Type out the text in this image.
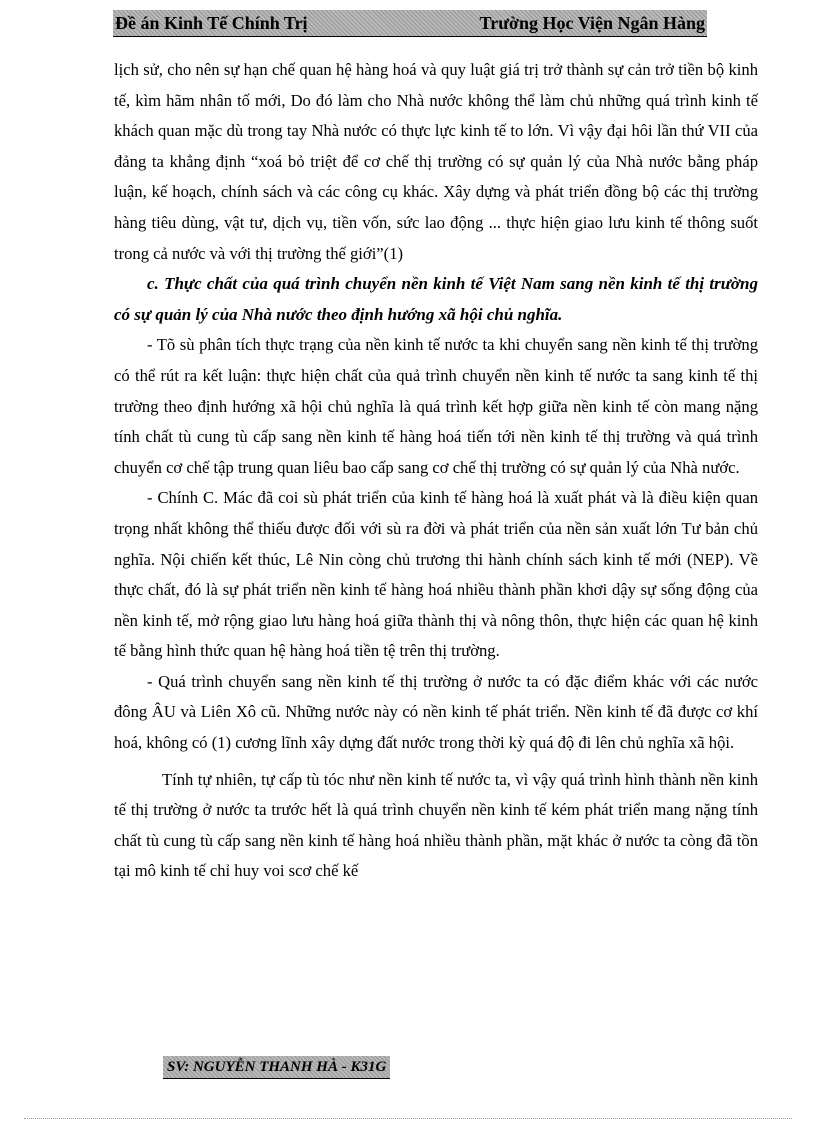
Đề án Kinh Tế Chính Trị	Trường Học Viện Ngân Hàng

lịch sử, cho nên sự hạn chế quan hệ hàng hoá và quy luật giá trị trở thành sự cản trở tiền bộ kinh tế, kìm hãm nhân tố mới, Do đó làm cho Nhà nước không thể làm chủ những quá trình kinh tế khách quan mặc dù trong tay Nhà nước có thực lực kinh tế to lớn. Vì vậy đại hôi lần thứ VII của đảng ta khẳng định “xoá bỏ triệt để cơ chế thị trường có sự quản lý của Nhà nước bằng pháp luận, kế hoạch, chính sách và các công cụ khác. Xây dựng và phát triển đồng bộ các thị trường hàng tiêu dùng, vật tư, dịch vụ, tiền vốn, sức lao động ... thực hiện giao lưu kinh tế thông suốt trong cả nước và với thị trường thế giới”(1)

c. Thực chất của quá trình chuyển nền kinh tế Việt Nam sang nền kinh tế thị trường có sự quản lý của Nhà nước theo định hướng xã hội chủ nghĩa.

- Tõ sù phân tích thực trạng của nền kinh tế nước ta khi chuyển sang nền kinh tế thị trường có thể rút ra kết luận: thực hiện chất của quả trình chuyển nền kinh tế nước ta sang kinh tế thị trường theo định hướng xã hội chủ nghĩa là quá trình kết hợp giữa nền kinh tế còn mang nặng tính chất tù cung tù cấp sang nền kinh tế hàng hoá tiến tới nền kinh tế thị trường và quá trình chuyển cơ chế tập trung quan liêu bao cấp sang cơ chế thị trường có sự quản lý của Nhà nước.

- Chính C. Mác đã coi sù phát triển của kinh tế hàng hoá là xuất phát và là điều kiện quan trọng nhất không thể thiếu được đối với sù ra đời và phát triển của nền sản xuất lớn Tư bản chủ nghĩa. Nội chiến kết thúc, Lê Nin còng chủ trương thi hành chính sách kinh tế mới (NEP). Về thực chất, đó là sự phát triển nền kinh tế hàng hoá nhiều thành phần khơi dậy sự sống động của nền kinh tế, mở rộng giao lưu hàng hoá giữa thành thị và nông thôn, thực hiện các quan hệ kinh tế bằng hình thức quan hệ hàng hoá tiền tệ trên thị trường.

- Quá trình chuyển sang nền kinh tế thị trường ở nước ta có đặc điểm khác với các nước đông ÂU và Liên Xô cũ. Những nước này có nền kinh tế phát triển. Nền kinh tế đã được cơ khí hoá, không có (1) cương lĩnh xây dựng đất nước trong thời kỳ quá độ đi lên chủ nghĩa xã hội.

Tính tự nhiên, tự cấp tù tóc như nền kinh tế nước ta, vì vậy quá trình hình thành nền kinh tế thị trường ở nước ta trước hết là quá trình chuyển nền kinh tế kém phát triển mang nặng tính chất tù cung tù cấp sang nền kinh tế hàng hoá nhiều thành phần, mặt khác ở nước ta còng đã tồn tại mô kinh tế chỉ huy voi scơ chế kế

SV: NGUYỄN THANH HÀ - K31G
